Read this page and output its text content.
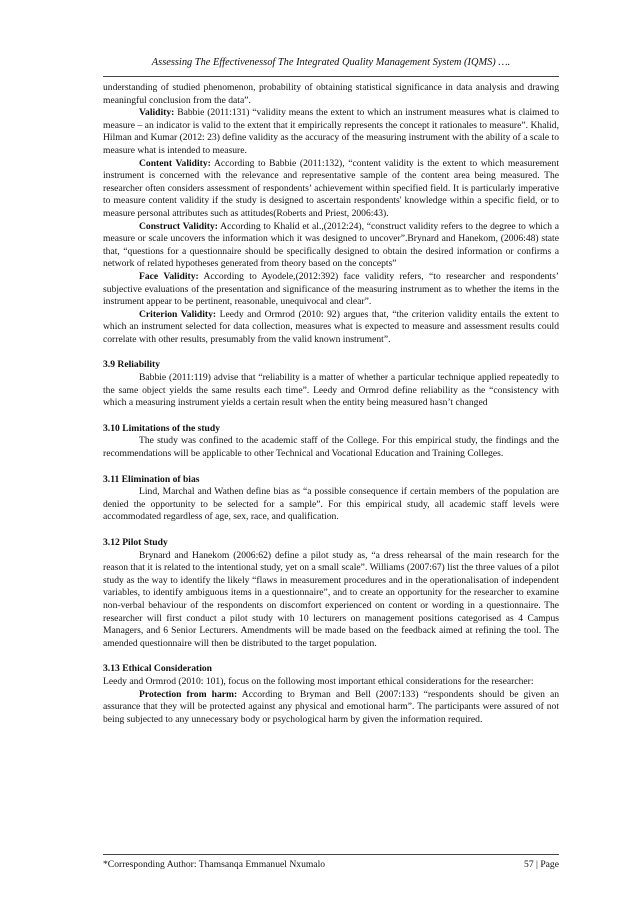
Assessing The Effectivenessof The Integrated Quality Management System (IQMS) ….

understanding of studied phenomenon, probability of obtaining statistical significance in data analysis and drawing meaningful conclusion from the data”.

Validity: Babbie (2011:131) “validity means the extent to which an instrument measures what is claimed to measure – an indicator is valid to the extent that it empirically represents the concept it rationales to measure”. Khalid, Hilman and Kumar (2012: 23) define validity as the accuracy of the measuring instrument with the ability of a scale to measure what is intended to measure.

Content Validity: According to Babbie (2011:132), “content validity is the extent to which measurement instrument is concerned with the relevance and representative sample of the content area being measured. The researcher often considers assessment of respondents’ achievement within specified field. It is particularly imperative to measure content validity if the study is designed to ascertain respondents' knowledge within a specific field, or to measure personal attributes such as attitudes(Roberts and Priest, 2006:43).

Construct Validity: According to Khalid et al.,(2012:24), “construct validity refers to the degree to which a measure or scale uncovers the information which it was designed to uncover”.Brynard and Hanekom, (2006:48) state that, “questions for a questionnaire should be specifically designed to obtain the desired information or confirms a network of related hypotheses generated from theory based on the concepts”

Face Validity: According to Ayodele,(2012:392) face validity refers, “to researcher and respondents’ subjective evaluations of the presentation and significance of the measuring instrument as to whether the items in the instrument appear to be pertinent, reasonable, unequivocal and clear”.

Criterion Validity: Leedy and Ormrod (2010: 92) argues that, “the criterion validity entails the extent to which an instrument selected for data collection, measures what is expected to measure and assessment results could correlate with other results, presumably from the valid known instrument”.

3.9 Reliability

Babbie (2011:119) advise that “reliability is a matter of whether a particular technique applied repeatedly to the same object yields the same results each time”. Leedy and Ormrod define reliability as the “consistency with which a measuring instrument yields a certain result when the entity being measured hasn’t changed

3.10 Limitations of the study

The study was confined to the academic staff of the College. For this empirical study, the findings and the recommendations will be applicable to other Technical and Vocational Education and Training Colleges.

3.11 Elimination of bias

Lind, Marchal and Wathen define bias as “a possible consequence if certain members of the population are denied the opportunity to be selected for a sample”. For this empirical study, all academic staff levels were accommodated regardless of age, sex, race, and qualification.

3.12 Pilot Study

Brynard and Hanekom (2006:62) define a pilot study as, “a dress rehearsal of the main research for the reason that it is related to the intentional study, yet on a small scale”. Williams (2007:67) list the three values of a pilot study as the way to identify the likely “flaws in measurement procedures and in the operationalisation of independent variables, to identify ambiguous items in a questionnaire”, and to create an opportunity for the researcher to examine non-verbal behaviour of the respondents on discomfort experienced on content or wording in a questionnaire. The researcher will first conduct a pilot study with 10 lecturers on management positions categorised as 4 Campus Managers, and 6 Senior Lecturers. Amendments will be made based on the feedback aimed at refining the tool. The amended questionnaire will then be distributed to the target population.

3.13 Ethical Consideration

Leedy and Ormrod (2010: 101), focus on the following most important ethical considerations for the researcher:

Protection from harm: According to Bryman and Bell (2007:133) “respondents should be given an assurance that they will be protected against any physical and emotional harm”. The participants were assured of not being subjected to any unnecessary body or psychological harm by given the information required.

*Corresponding Author: Thamsanqa Emmanuel Nxumalo	57 | Page
